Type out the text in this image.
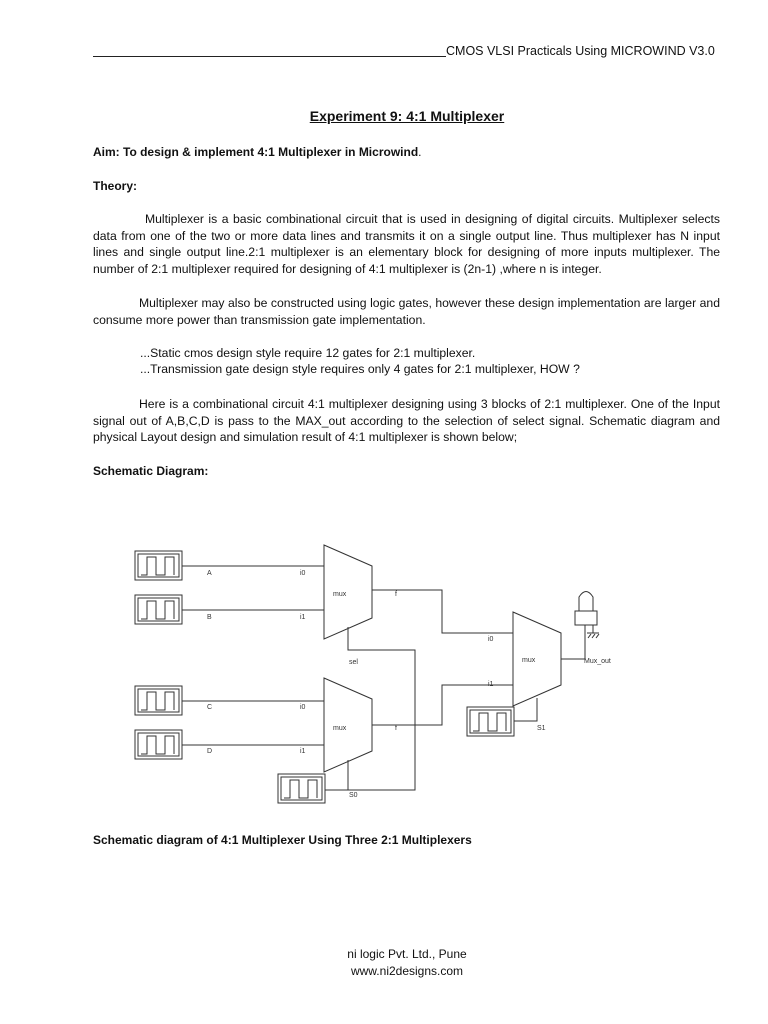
CMOS VLSI Practicals Using MICROWIND V3.0
Experiment 9: 4:1 Multiplexer
Aim: To design & implement 4:1 Multiplexer in Microwind.
Theory:

Multiplexer is a basic combinational circuit that is used in designing of digital circuits. Multiplexer selects data from one of the two or more data lines and transmits it on a single output line. Thus multiplexer has N input lines and single output line.2:1 multiplexer is an elementary block for designing of more inputs multiplexer. The number of 2:1 multiplexer required for designing of 4:1 multiplexer is (2n-1) ,where n is integer.

Multiplexer may also be constructed using logic gates, however these design implementation are larger and consume more power than transmission gate implementation.

...Static cmos design style require 12 gates for 2:1 multiplexer.
...Transmission gate design style requires only 4 gates for 2:1 multiplexer, HOW ?

Here is a combinational circuit 4:1 multiplexer designing using 3 blocks of 2:1 multiplexer. One of the Input signal out of A,B,C,D is pass to the MAX_out according to the selection of select signal. Schematic diagram and physical Layout design and simulation result of 4:1 multiplexer is shown below;

Schematic Diagram:
A
B
C
D
i0
i1
mux	f
sel
i0
i1
mux	f
S0
i0
i1
mux
S1
Mux_out
Schematic diagram of 4:1 Multiplexer Using Three 2:1 Multiplexers
ni logic Pvt. Ltd., Pune
www.ni2designs.com
